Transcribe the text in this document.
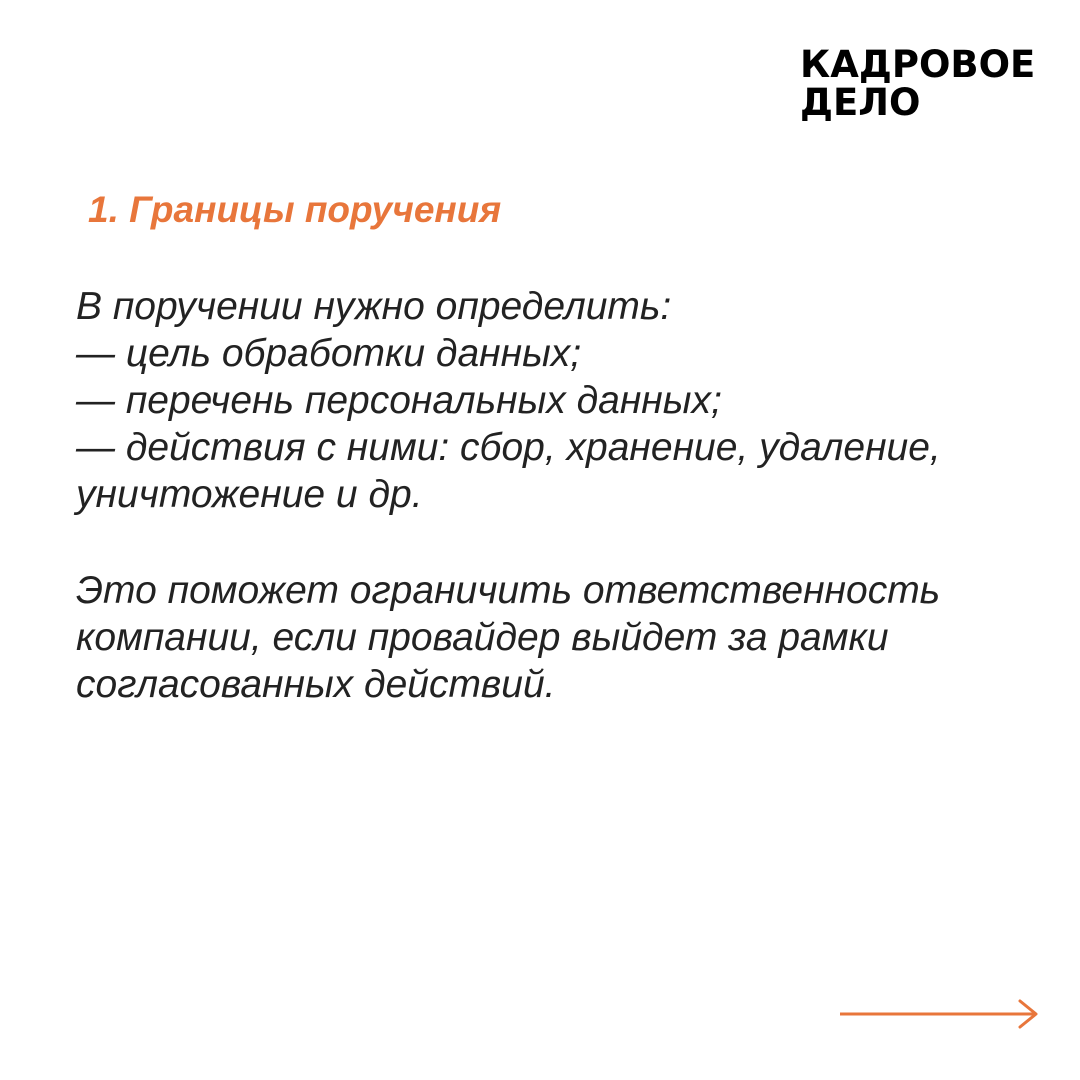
КАДРОВОЕ
ДЕЛО
1. Границы поручения
В поручении нужно определить:
— цель обработки данных;
— перечень персональных данных;
— действия с ними: сбор, хранение, удаление,
уничтожение и др.
Это поможет ограничить ответственность
компании, если провайдер выйдет за рамки
согласованных действий.
